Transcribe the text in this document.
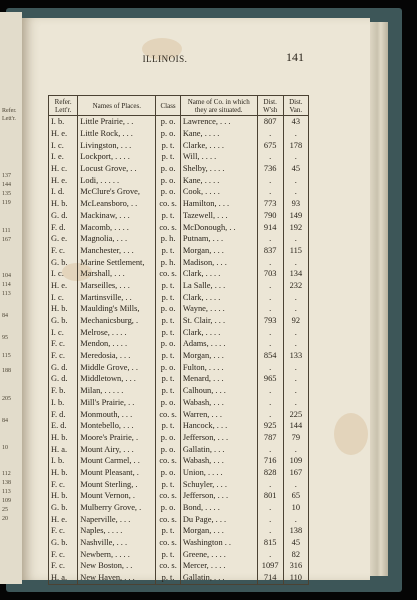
Refer.
Lett'r.
137
144
135
119
111
167
104
114
113
84
95
115
188
205
84
10
112
138
113
109
25
20
ILLINOIS.	141
Refer. Lett'r.	Names of Places.	Class	Name of Co. in which they are situated.	Dist. W'sh	Dist. Van.
I. b.	Little Prairie, . .	p. o.	Lawrence, . . .	807	43
H. e.	Little Rock, . . .	p. o.	Kane, . . . .	.	.
I. c.	Livingston, . . .	p. t.	Clarke, . . . .	675	178
I. e.	Lockport, . . . .	p. t.	Will, . . . .	.	.
H. c.	Locust Grove, . .	p. o.	Shelby, . . . .	736	45
H. e.	Lodi, . . . . .	p. o.	Kane, . . . .	.	.
I. d.	McClure's Grove,	p. o.	Cook, . . . .	.	.
H. b.	McLeansboro, . .	co. s.	Hamilton, . . .	773	93
G. d.	Mackinaw, . . .	p. t.	Tazewell, . . .	790	149
F. d.	Macomb, . . . .	co. s.	McDonough, . .	914	192
G. e.	Magnolia, . . .	p. h.	Putnam, . . .	.	.
F. c.	Manchester, . . .	p. t.	Morgan, . . .	837	115
G. b.	Marine Settlement,	p. h.	Madison, . . .	.	.
I. c.	Marshall, . . .	co. s.	Clark, . . . .	703	134
H. e.	Marseilles, . . .	p. t.	La Salle, . . .	.	232
I. c.	Martinsville, . .	p. t.	Clark, . . . .	.	.
H. b.	Maulding's Mills,	p. o.	Wayne, . . . .	.	.
G. b.	Mechanicsburg, .	p. t.	St. Clair, . . .	793	92
I. c.	Melrose, . . . .	p. t.	Clark, . . . .	.	.
F. c.	Mendon, . . . .	p. o.	Adams, . . . .	.	.
F. c.	Meredosia, . . .	p. t.	Morgan, . . .	854	133
G. d.	Middle Grove, . .	p. o.	Fulton, . . . .	.	.
G. d.	Middletown, . . .	p. t.	Menard, . . .	965	.
F. b.	Milan, . . . . .	p. t.	Calhoun, . . .	.	.
I. b.	Mill's Prairie, . .	p. o.	Wabash, . . .	.	.
F. d.	Monmouth, . . .	co. s.	Warren, . . .	.	225
E. d.	Montebello, . . .	p. t.	Hancock, . . .	925	144
H. b.	Moore's Prairie, .	p. o.	Jefferson, . . .	787	79
H. a.	Mount Airy, . . .	p. o.	Gallatin, . . .	.	.
I. b.	Mount Carmel, . .	co. s.	Wabash, . . .	716	109
H. b.	Mount Pleasant, .	p. o.	Union, . . . .	828	167
F. c.	Mount Sterling, .	p. t.	Schuyler, . . .	.	.
H. b.	Mount Vernon, .	co. s.	Jefferson, . . .	801	65
G. b.	Mulberry Grove, .	p. o.	Bond, . . . .	.	10
H. e.	Naperville, . . .	co. s.	Du Page, . . .	.	.
F. c.	Naples, . . . .	p. t.	Morgan, . . .	.	138
G. b.	Nashville, . . .	co. s.	Washington . .	815	45
F. c.	Newbern, . . . .	p. t.	Greene, . . . .	.	82
F. c.	New Boston, . .	co. s.	Mercer, . . . .	1097	316
H. a.	New Haven, . . .	p. t.	Gallatin, . . .	714	110
